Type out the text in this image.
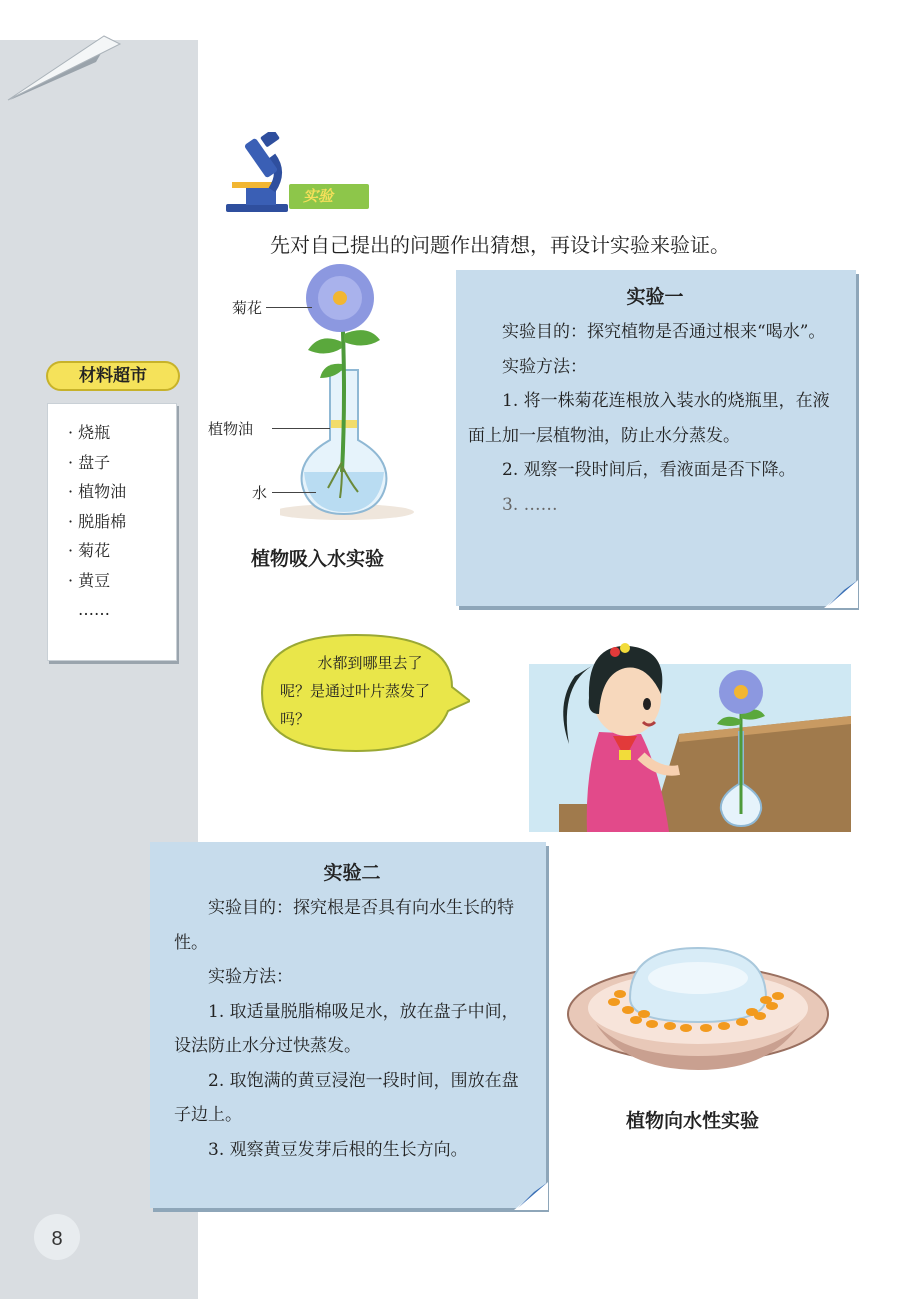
材料超市
· 烧瓶
· 盘子
· 植物油
· 脱脂棉
· 菊花
· 黄豆
……
实验
先对自己提出的问题作出猜想，再设计实验来验证。
菊花
植物油
水
植物吸入水实验
实验一

实验目的：探究植物是否通过根来“喝水”。

实验方法：

1. 将一株菊花连根放入装水的烧瓶里，在液面上加一层植物油，防止水分蒸发。

2. 观察一段时间后，看液面是否下降。

3. ……

水都到哪里去了呢？是通过叶片蒸发了吗？
实验二

实验目的：探究根是否具有向水生长的特性。

实验方法：

1. 取适量脱脂棉吸足水，放在盘子中间，设法防止水分过快蒸发。

2. 取饱满的黄豆浸泡一段时间，围放在盘子边上。

3. 观察黄豆发芽后根的生长方向。

植物向水性实验
8
